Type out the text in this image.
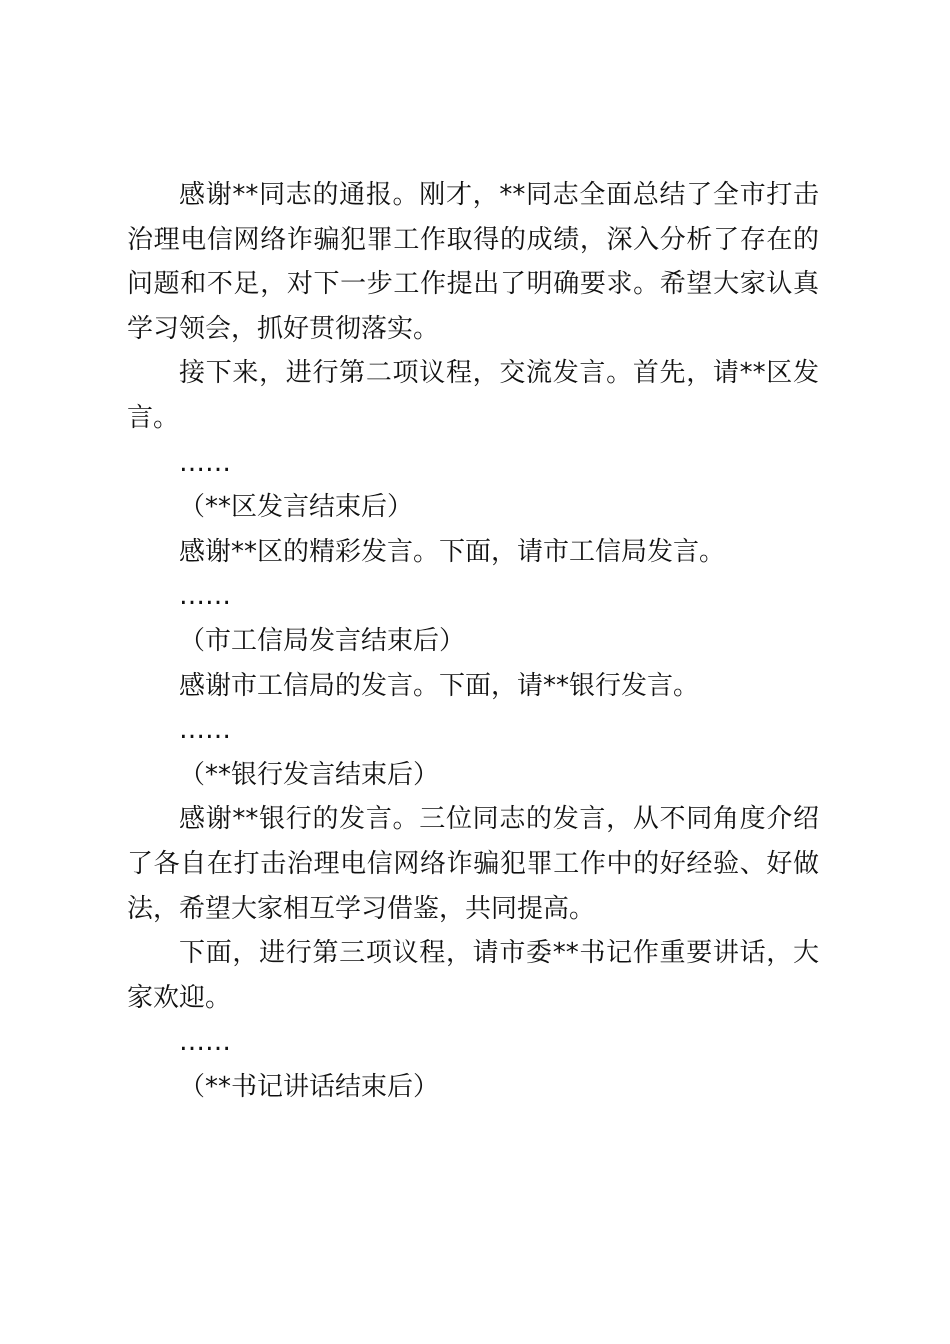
感谢**同志的通报。刚才，**同志全面总结了全市打击治理电信网络诈骗犯罪工作取得的成绩，深入分析了存在的问题和不足，对下一步工作提出了明确要求。希望大家认真学习领会，抓好贯彻落实。

接下来，进行第二项议程，交流发言。首先，请**区发言。

……

（**区发言结束后）

感谢**区的精彩发言。下面，请市工信局发言。

……

（市工信局发言结束后）

感谢市工信局的发言。下面，请**银行发言。

……

（**银行发言结束后）

感谢**银行的发言。三位同志的发言，从不同角度介绍了各自在打击治理电信网络诈骗犯罪工作中的好经验、好做法，希望大家相互学习借鉴，共同提高。

下面，进行第三项议程，请市委**书记作重要讲话，大家欢迎。

……

（**书记讲话结束后）
